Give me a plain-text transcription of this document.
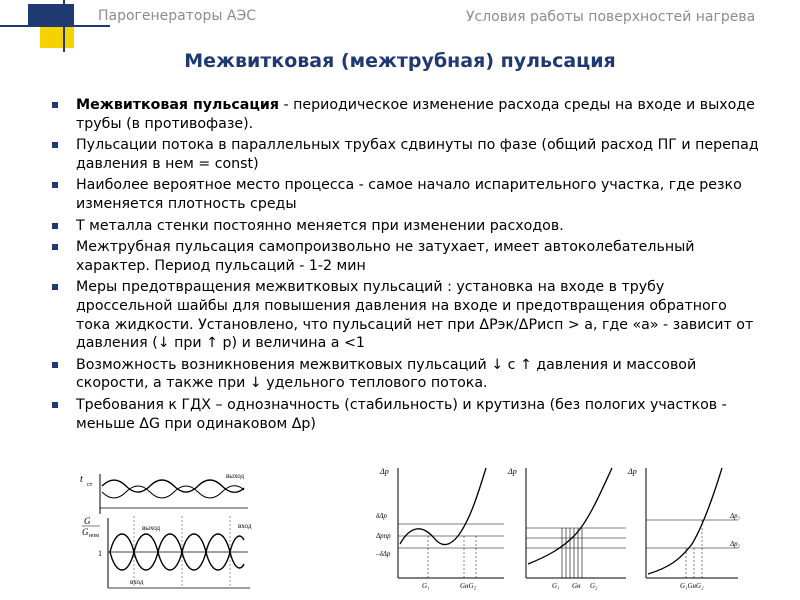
Парогенераторы АЭС	Условия работы поверхностей нагрева
Межвитковая (межтрубная) пульсация
Межвитковая пульсация - периодическое изменение расхода среды на входе и выходе трубы (в противофазе).
Пульсации потока в параллельных трубах сдвинуты по фазе (общий расход ПГ и перепад давления в нем = const)
Наиболее вероятное место процесса - самое начало испарительного участка, где резко изменяется плотность среды
Т металла стенки постоянно меняется при изменении расходов.
Межтрубная пульсация самопроизвольно не затухает, имеет автоколебательный характер. Период пульсаций - 1-2 мин
Меры предотвращения межвитковых пульсаций : установка на входе в трубу дроссельной шайбы для повышения давления на входе и предотвращения обратного тока жидкости. Установлено, что пульсаций нет при ΔРэк/ΔРисп > а, где «а» - зависит от давления (↓ при ↑ р) и величина а <1
Возможность возникновения межвитковых пульсаций ↓ с ↑ давления и массовой скорости, а также при ↓ удельного теплового потока.
Требования к ГДХ – однозначность (стабильность) и крутизна (без пологих участков - меньше ΔG при одинаковом Δр)
t ст
выход
G
G ном
1
выход	вход
вход
Δp
δΔp
Δpпр
–δΔp
G₁	GнG₂
Δp
G₁ Gн G₂
Δp
Δp₁
Δp₂
G₁GнG₂
